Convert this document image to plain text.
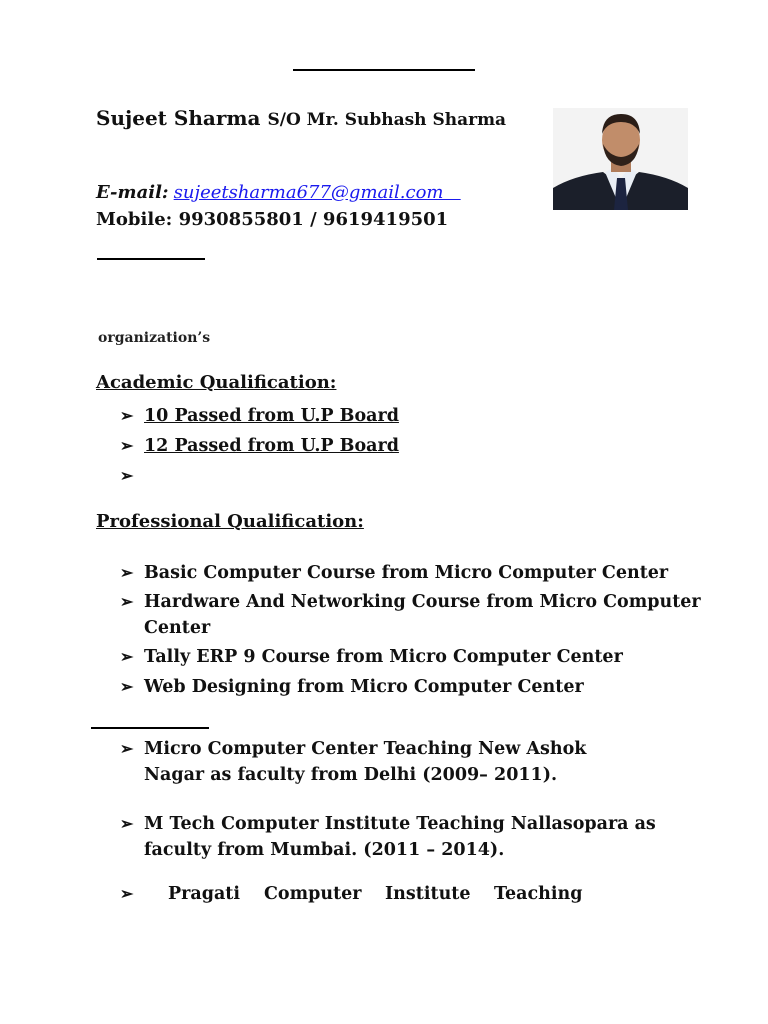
Sujeet Sharma S/O Mr. Subhash Sharma
E-mail: sujeetsharma677@gmail.com
Mobile: 9930855801 / 9619419501
organization’s
Academic Qualification:
➢ 10 Passed from U.P Board
➢ 12 Passed from U.P Board
➢
Professional Qualification:
➢ Basic Computer Course from Micro Computer Center
➢ Hardware And Networking Course from Micro Computer
Center
➢ Tally ERP 9 Course from Micro Computer Center
➢ Web Designing from Micro Computer Center
➢ Micro Computer Center Teaching New Ashok
Nagar as faculty from Delhi (2009– 2011).
➢ M Tech Computer Institute Teaching Nallasopara as
faculty from Mumbai. (2011 – 2014).
➢ Pragati Computer Institute Teaching
